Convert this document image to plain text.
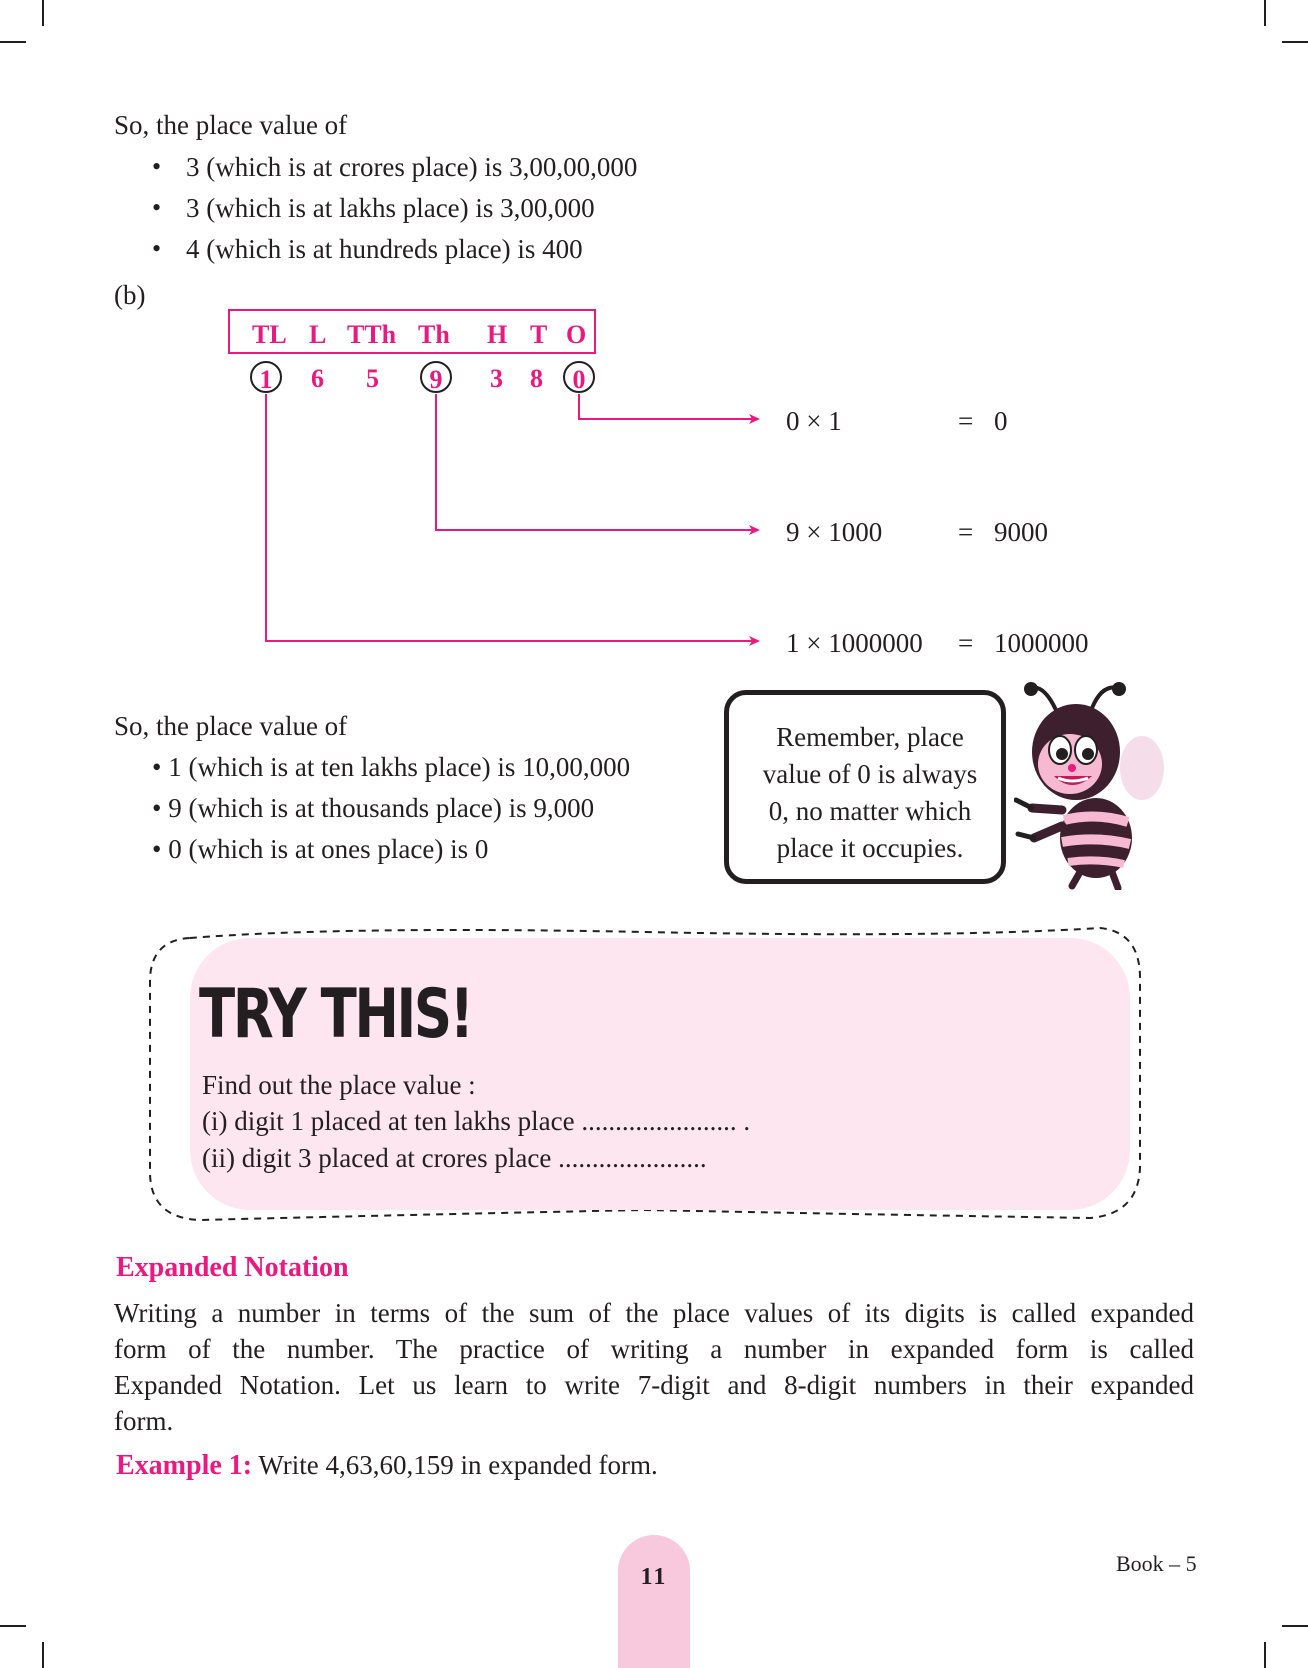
So, the place value of
• 3 (which is at crores place) is 3,00,00,000
• 3 (which is at lakhs place) is 3,00,000
• 4 (which is at hundreds place) is 400
(b)
TL L TTh Th H T O
1 6 5 9 3 8 0
0 × 1	= 0
9 × 1000	= 9000
1 × 1000000 = 1000000
So, the place value of
• 1 (which is at ten lakhs place) is 10,00,000
• 9 (which is at thousands place) is 9,000
• 0 (which is at ones place) is 0
Remember, place
value of 0 is always
0, no matter which
place it occupies.
TRY THIS!
Find out the place value :
(i) digit 1 placed at ten lakhs place ....................... .
(ii) digit 3 placed at crores place ......................
Expanded Notation
Writing a number in terms of the sum of the place values of its digits is called expanded
form of the number. The practice of writing a number in expanded form is called
Expanded Notation. Let us learn to write 7-digit and 8-digit numbers in their expanded
form.
Example 1: Write 4,63,60,159 in expanded form.
11
Book – 5
